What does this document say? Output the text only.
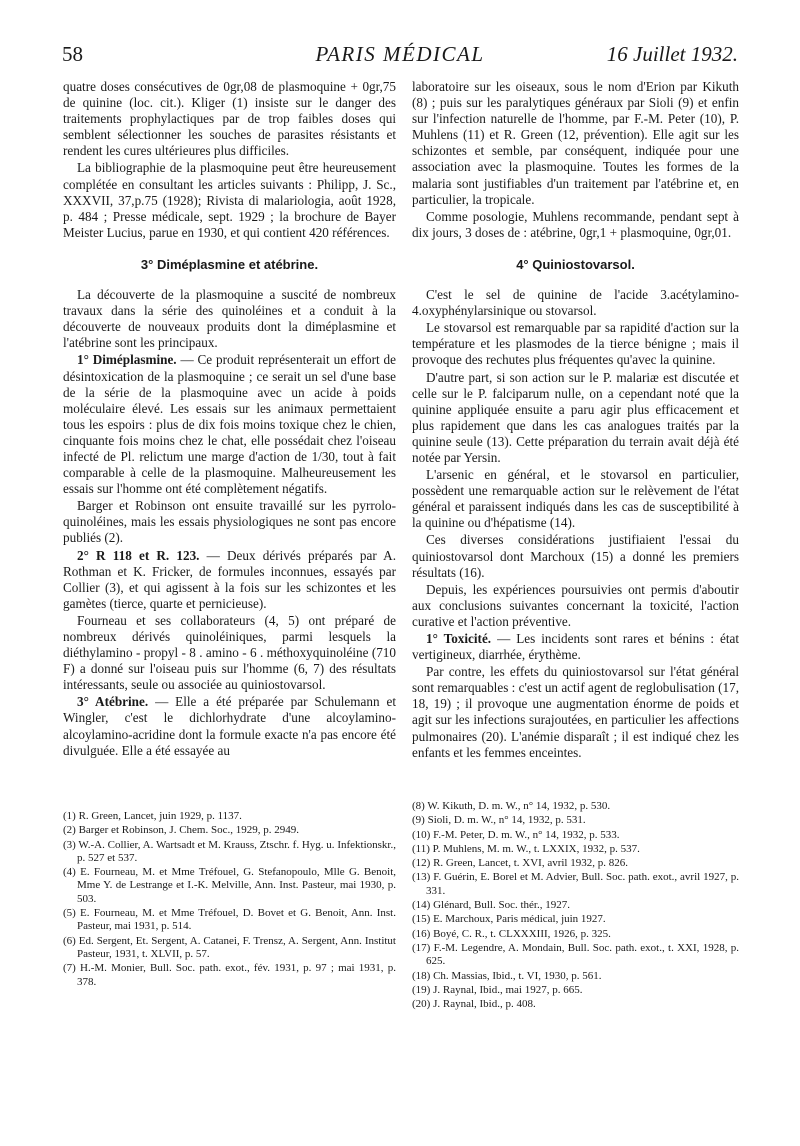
58	PARIS MÉDICAL	16 Juillet 1932.

quatre doses consécutives de 0gr,08 de plasmoquine + 0gr,75 de quinine (loc. cit.). Kliger (1) insiste sur le danger des traitements prophylactiques par de trop faibles doses qui semblent sélectionner les souches de parasites résistants et rendent les cures ultérieures plus difficiles.

La bibliographie de la plasmoquine peut être heureusement complétée en consultant les articles suivants : Philipp, J. Sc., XXXVII, 37,p.75 (1928); Rivista di malariologia, août 1928, p. 484 ; Presse médicale, sept. 1929 ; la brochure de Bayer Meister Lucius, parue en 1930, et qui contient 420 références.

3° Diméplasmine et atébrine.

La découverte de la plasmoquine a suscité de nombreux travaux dans la série des quinoléines et a conduit à la découverte de nouveaux produits dont la diméplasmine et l'atébrine sont les principaux.

1° Diméplasmine. — Ce produit représenterait un effort de désintoxication de la plasmoquine ; ce serait un sel d'une base de la série de la plasmoquine avec un acide à poids moléculaire élevé. Les essais sur les animaux permettaient tous les espoirs : plus de dix fois moins toxique chez le chien, cinquante fois moins chez le chat, elle possédait chez l'oiseau infecté de Pl. relictum une marge d'action de 1/30, tout à fait comparable à celle de la plasmoquine. Malheureusement les essais sur l'homme ont été complètement négatifs.

Barger et Robinson ont ensuite travaillé sur les pyrrolo-quinoléines, mais les essais physiologiques ne sont pas encore publiés (2).

2° R 118 et R. 123. — Deux dérivés préparés par A. Rothman et K. Fricker, de formules inconnues, essayés par Collier (3), et qui agissent à la fois sur les schizontes et les gamètes (tierce, quarte et pernicieuse).

Fourneau et ses collaborateurs (4, 5) ont préparé de nombreux dérivés quinoléiniques, parmi lesquels la diéthylamino - propyl - 8 . amino - 6 . méthoxyquinoléine (710 F) a donné sur l'oiseau puis sur l'homme (6, 7) des résultats intéressants, seule ou associée au quiniostovarsol.

3° Atébrine. — Elle a été préparée par Schulemann et Wingler, c'est le dichlorhydrate d'une alcoylamino-alcoylamino-acridine dont la formule exacte n'a pas encore été divulguée. Elle a été essayée au

laboratoire sur les oiseaux, sous le nom d'Erion par Kikuth (8) ; puis sur les paralytiques généraux par Sioli (9) et enfin sur l'infection naturelle de l'homme, par F.-M. Peter (10), P. Muhlens (11) et R. Green (12, prévention). Elle agit sur les schizontes et semble, par conséquent, indiquée pour une association avec la plasmoquine. Toutes les formes de la malaria sont justifiables d'un traitement par l'atébrine et, en particulier, la tropicale.

Comme posologie, Muhlens recommande, pendant sept à dix jours, 3 doses de : atébrine, 0gr,1 + plasmoquine, 0gr,01.

4° Quiniostovarsol.

C'est le sel de quinine de l'acide 3.acétylamino-4.oxyphénylarsinique ou stovarsol.

Le stovarsol est remarquable par sa rapidité d'action sur la température et les plasmodes de la tierce bénigne ; mais il provoque des rechutes plus fréquentes qu'avec la quinine.

D'autre part, si son action sur le P. malariæ est discutée et celle sur le P. falciparum nulle, on a cependant noté que la quinine appliquée ensuite a paru agir plus efficacement et plus rapidement que dans les cas analogues traités par la quinine seule (13). Cette préparation du terrain avait déjà été notée par Yersin.

L'arsenic en général, et le stovarsol en particulier, possèdent une remarquable action sur le relèvement de l'état général et paraissent indiqués dans les cas de susceptibilité à la quinine ou d'hépatisme (14).

Ces diverses considérations justifiaient l'essai du quiniostovarsol dont Marchoux (15) a donné les premiers résultats (16).

Depuis, les expériences poursuivies ont permis d'aboutir aux conclusions suivantes concernant la toxicité, l'action curative et l'action préventive.

1° Toxicité. — Les incidents sont rares et bénins : état vertigineux, diarrhée, érythème.

Par contre, les effets du quiniostovarsol sur l'état général sont remarquables : c'est un actif agent de reglobulisation (17, 18, 19) ; il provoque une augmentation énorme de poids et agit sur les infections surajoutées, en particulier les affections pulmonaires (20). L'anémie disparaît ; il est indiqué chez les enfants et les femmes enceintes.

(1) R. Green, Lancet, juin 1929, p. 1137.
(2) Barger et Robinson, J. Chem. Soc., 1929, p. 2949.
(3) W.-A. Collier, A. Wartsadt et M. Krauss, Ztschr. f. Hyg. u. Infektionskr., p. 527 et 537.
(4) E. Fourneau, M. et Mme Tréfouel, G. Stefanopoulo, Mlle G. Benoit, Mme Y. de Lestrange et I.-K. Melville, Ann. Inst. Pasteur, mai 1930, p. 503.
(5) E. Fourneau, M. et Mme Tréfouel, D. Bovet et G. Benoit, Ann. Inst. Pasteur, mai 1931, p. 514.
(6) Ed. Sergent, Et. Sergent, A. Catanei, F. Trensz, A. Sergent, Ann. Institut Pasteur, 1931, t. XLVII, p. 57.
(7) H.-M. Monier, Bull. Soc. path. exot., fév. 1931, p. 97 ; mai 1931, p. 378.
(8) W. Kikuth, D. m. W., n° 14, 1932, p. 530.
(9) Sioli, D. m. W., n° 14, 1932, p. 531.
(10) F.-M. Peter, D. m. W., n° 14, 1932, p. 533.
(11) P. Muhlens, M. m. W., t. LXXIX, 1932, p. 537.
(12) R. Green, Lancet, t. XVI, avril 1932, p. 826.
(13) F. Guérin, E. Borel et M. Advier, Bull. Soc. path. exot., avril 1927, p. 331.
(14) Glénard, Bull. Soc. thér., 1927.
(15) E. Marchoux, Paris médical, juin 1927.
(16) Boyé, C. R., t. CLXXXIII, 1926, p. 325.
(17) F.-M. Legendre, A. Mondain, Bull. Soc. path. exot., t. XXI, 1928, p. 625.
(18) Ch. Massias, Ibid., t. VI, 1930, p. 561.
(19) J. Raynal, Ibid., mai 1927, p. 665.
(20) J. Raynal, Ibid., p. 408.
